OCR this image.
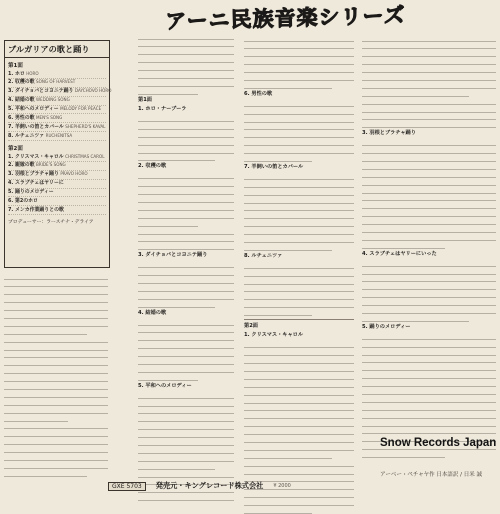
アーニ民族音楽シリーズ
ブルガリアの歌と踊り
第1面
1. ホロ HORO
2. 収穫の歌 SONG OF HARVEST
3. ダイチョバとコヨニテ踊り DAYCHOVO HORO
4. 結婚の歌 WEDDING SONG
5. 平和へのメロディー MELODY FOR PEACE
6. 男性の歌 MEN'S SONG
7. 羊飼いの笛とカバール SHEPHERD'S KAVAL
8. ルチェニツァ RUCHENITSA
第2面
1. クリスマス・キャロル CHRISTMAS CAROL
2. 親嫁の歌 BRIDE'S SONG
3. 羽根とブラチャ踊り PRAVO HORO
4. スラブチェはヤリーに
5. 踊りのメロディー
6. 第2のホロ
7. メンカ作業踊りとの歌
プロデューサー：ラースチナ・デライア
第1面
1. ホロ・ナーブーラ
2. 収穫の歌
3. ダイチョバとコヨニテ踊り
4. 結婚の歌
5. 平和へのメロディー
6. 男性の歌
7. 羊飼いの笛とカバール
8. ルチェニツァ
第2面
1. クリスマス・キャロル
3. 羽根とブラチャ踊り
4. スラブチェはヤリーにいった
5. 踊りのメロディー
Snow Records Japan
アーベー・ペチャヤ作 日本語訳 / 日米 誠
GXE 5703	発売元・キングレコード株式会社 ¥ 2000
